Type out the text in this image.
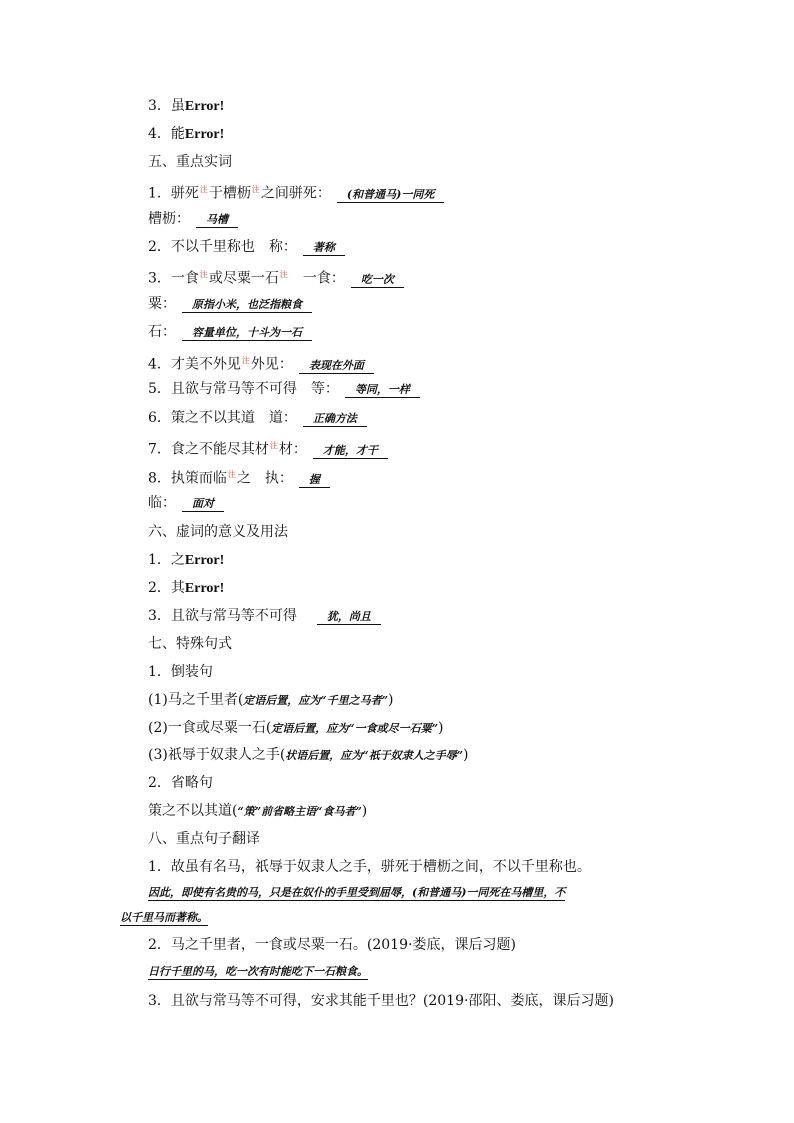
3．虽Error!
4．能Error!
五、重点实词
1．骈死$^注$于槽枥$^注$之间骈死： (和普通马)一同死
槽枥： 马槽
2．不以千里称也　称： 著称
3．一食$^注$或尽粟一石$^注$　一食： 吃一次
粟： 原指小米，也泛指粮食
石： 容量单位，十斗为一石
4．才美不外见$^注$外见： 表现在外面
5．且欲与常马等不可得　等： 等同，一样
6．策之不以其道　道： 正确方法
7．食之不能尽其材$^注$材： 才能，才干
8．执策而临$^注$之　执： 握
临： 面对
六、虚词的意义及用法
1．之Error!
2．其Error!
3．且欲与常马等不可得　犹，尚且
七、特殊句式
1．倒装句
(1)马之千里者(定语后置，应为“千里之马者”)
(2)一食或尽粟一石(定语后置，应为“一食或尽一石粟”)
(3)祇辱于奴隶人之手(状语后置，应为“祇于奴隶人之手辱”)
2．省略句
策之不以其道(“策”前省略主语“食马者”)
八、重点句子翻译
1．故虽有名马，祇辱于奴隶人之手，骈死于槽枥之间，不以千里称也。
因此，即使有名贵的马，只是在奴仆的手里受到屈辱，(和普通马)一同死在马槽里，不
以千里马而著称。
2．马之千里者，一食或尽粟一石。(2019·娄底，课后习题)
日行千里的马，吃一次有时能吃下一石粮食。
3．且欲与常马等不可得，安求其能千里也？(2019·邵阳、娄底，课后习题)
